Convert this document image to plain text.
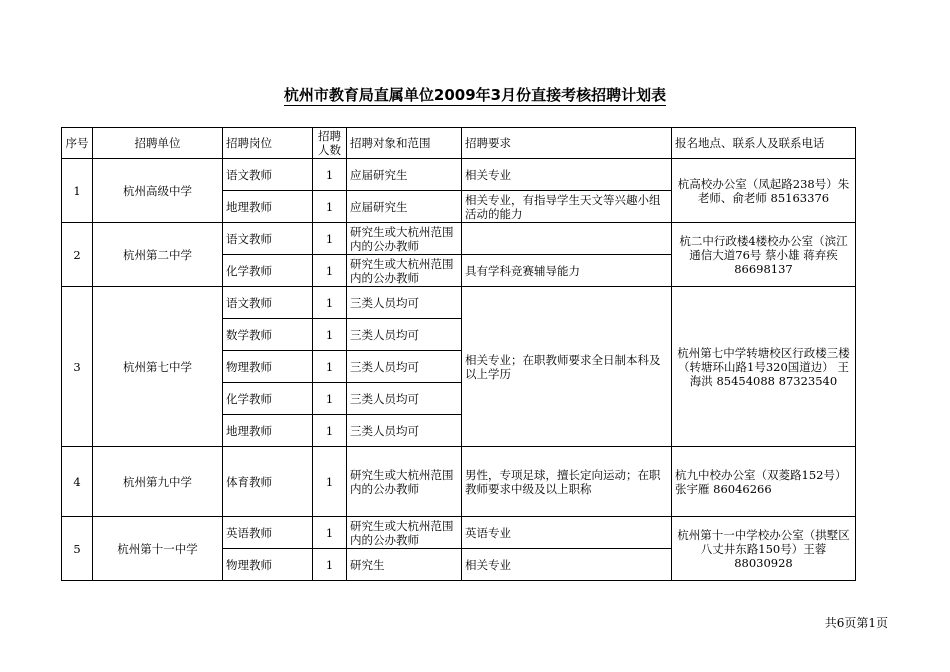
杭州市教育局直属单位2009年3月份直接考核招聘计划表
序号	招聘单位	招聘岗位	招聘人数	招聘对象和范围	招聘要求	报名地点、联系人及联系电话
1	杭州高级中学	语文教师	1	应届研究生	相关专业	杭高校办公室（凤起路238号）朱老师、俞老师 85163376
		地理教师	1	应届研究生	相关专业，有指导学生天文等兴趣小组活动的能力	
2	杭州第二中学	语文教师	1	研究生或大杭州范围内的公办教师		杭二中行政楼4楼校办公室（滨江通信大道76号 蔡小雄 蒋弃疾 86698137
		化学教师	1	研究生或大杭州范围内的公办教师	具有学科竞赛辅导能力	
3	杭州第七中学	语文教师	1	三类人员均可	相关专业；在职教师要求全日制本科及以上学历	杭州第七中学转塘校区行政楼三楼（转塘环山路1号320国道边） 王海洪 85454088 87323540
		数学教师	1	三类人员均可		
		物理教师	1	三类人员均可		
		化学教师	1	三类人员均可		
		地理教师	1	三类人员均可		
4	杭州第九中学	体育教师	1	研究生或大杭州范围内的公办教师	男性，专项足球，擅长定向运动；在职教师要求中级及以上职称	杭九中校办公室（双菱路152号）张宇雁 86046266
5	杭州第十一中学	英语教师	1	研究生或大杭州范围内的公办教师	英语专业	杭州第十一中学校办公室（拱墅区八丈井东路150号）王蓉 88030928
		物理教师	1	研究生	相关专业	
共6页第1页
